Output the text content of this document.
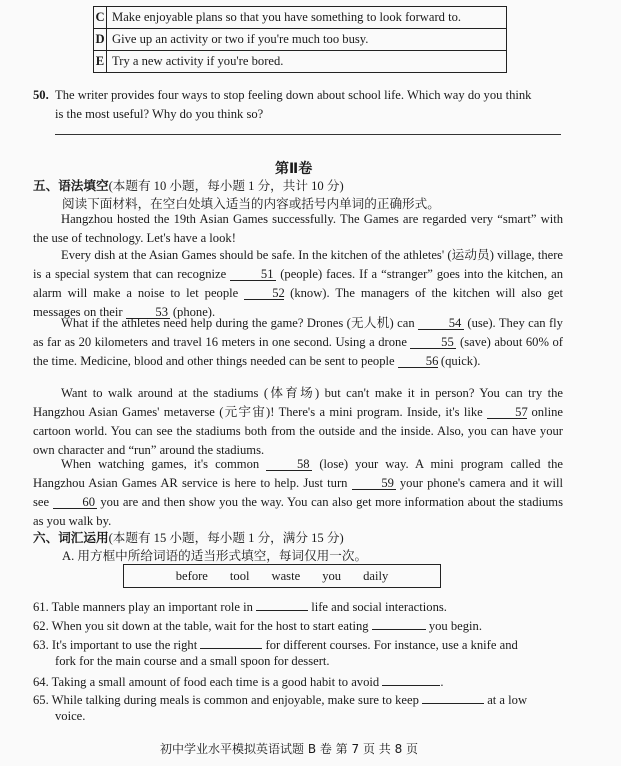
C	Make enjoyable plans so that you have something to look forward to.
D	Give up an activity or two if you're much too busy.
E	Try a new activity if you're bored.
50. The writer provides four ways to stop feeling down about school life. Which way do you think
is the most useful? Why do you think so?
第Ⅱ卷
五、语法填空(本题有 10 小题，每小题 1 分，共计 10 分)
阅读下面材料，在空白处填入适当的内容或括号内单词的正确形式。
Hangzhou hosted the 19th Asian Games successfully. The Games are regarded very “smart” with the use of technology. Let's have a look!
Every dish at the Asian Games should be safe. In the kitchen of the athletes' (运动员) village, there is a special system that can recognize 51 (people) faces. If a “stranger” goes into the kitchen, an alarm will make a noise to let people 52 (know). The managers of the kitchen will also get messages on their 53 (phone).
What if the athletes need help during the game? Drones (无人机) can 54 (use). They can fly as far as 20 kilometers and travel 16 meters in one second. Using a drone 55 (save) about 60% of the time. Medicine, blood and other things needed can be sent to people 56 (quick).
Want to walk around at the stadiums (体育场) but can't make it in person? You can try the Hangzhou Asian Games' metaverse (元宇宙)! There's a mini program. Inside, it's like 57 online cartoon world. You can see the stadiums both from the outside and the inside. Also, you can have your own character and “run” around the stadiums.
When watching games, it's common 58 (lose) your way. A mini program called the Hangzhou Asian Games AR service is here to help. Just turn 59 your phone's camera and it will see 60 you are and then show you the way. You can also get more information about the stadiums as you walk by.
六、词汇运用(本题有 15 小题，每小题 1 分，满分 15 分)
A. 用方框中所给词语的适当形式填空，每词仅用一次。
before tool waste you daily
61. Table manners play an important role in	life and social interactions.
62. When you sit down at the table, wait for the host to start eating	you begin.
63. It's important to use the right	for different courses. For instance, use a knife and
fork for the main course and a small spoon for dessert.
64. Taking a small amount of food each time is a good habit to avoid	.
65. While talking during meals is common and enjoyable, make sure to keep	at a low
voice.
初中学业水平模拟英语试题 B 卷 第 7 页 共 8 页
